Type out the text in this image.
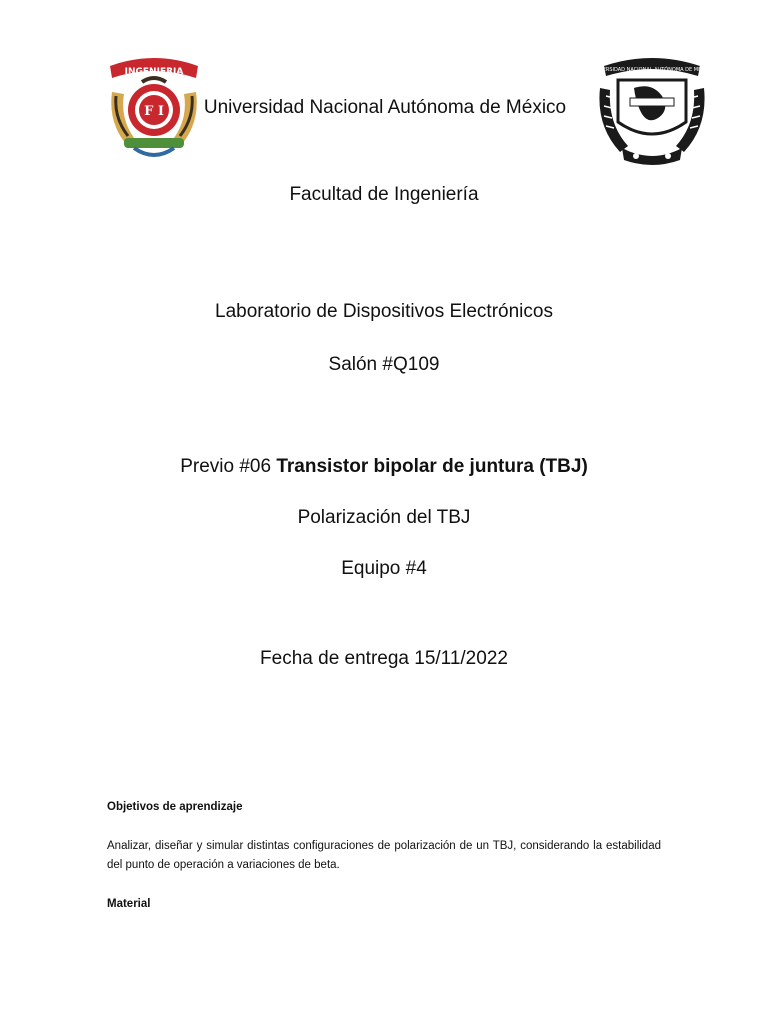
INGENIERIA
F I
UNIVERSIDAD NACIONAL AUTÓNOMA DE MÉXICO
Universidad Nacional Autónoma de México
Facultad de Ingeniería
Laboratorio de Dispositivos Electrónicos
Salón #Q109
Previo #06 Transistor bipolar de juntura (TBJ)
Polarización del TBJ
Equipo #4
Fecha de entrega 15/11/2022
Objetivos de aprendizaje
Analizar, diseñar y simular distintas configuraciones de polarización de un TBJ, considerando la estabilidad del punto de operación a variaciones de beta.
Material
